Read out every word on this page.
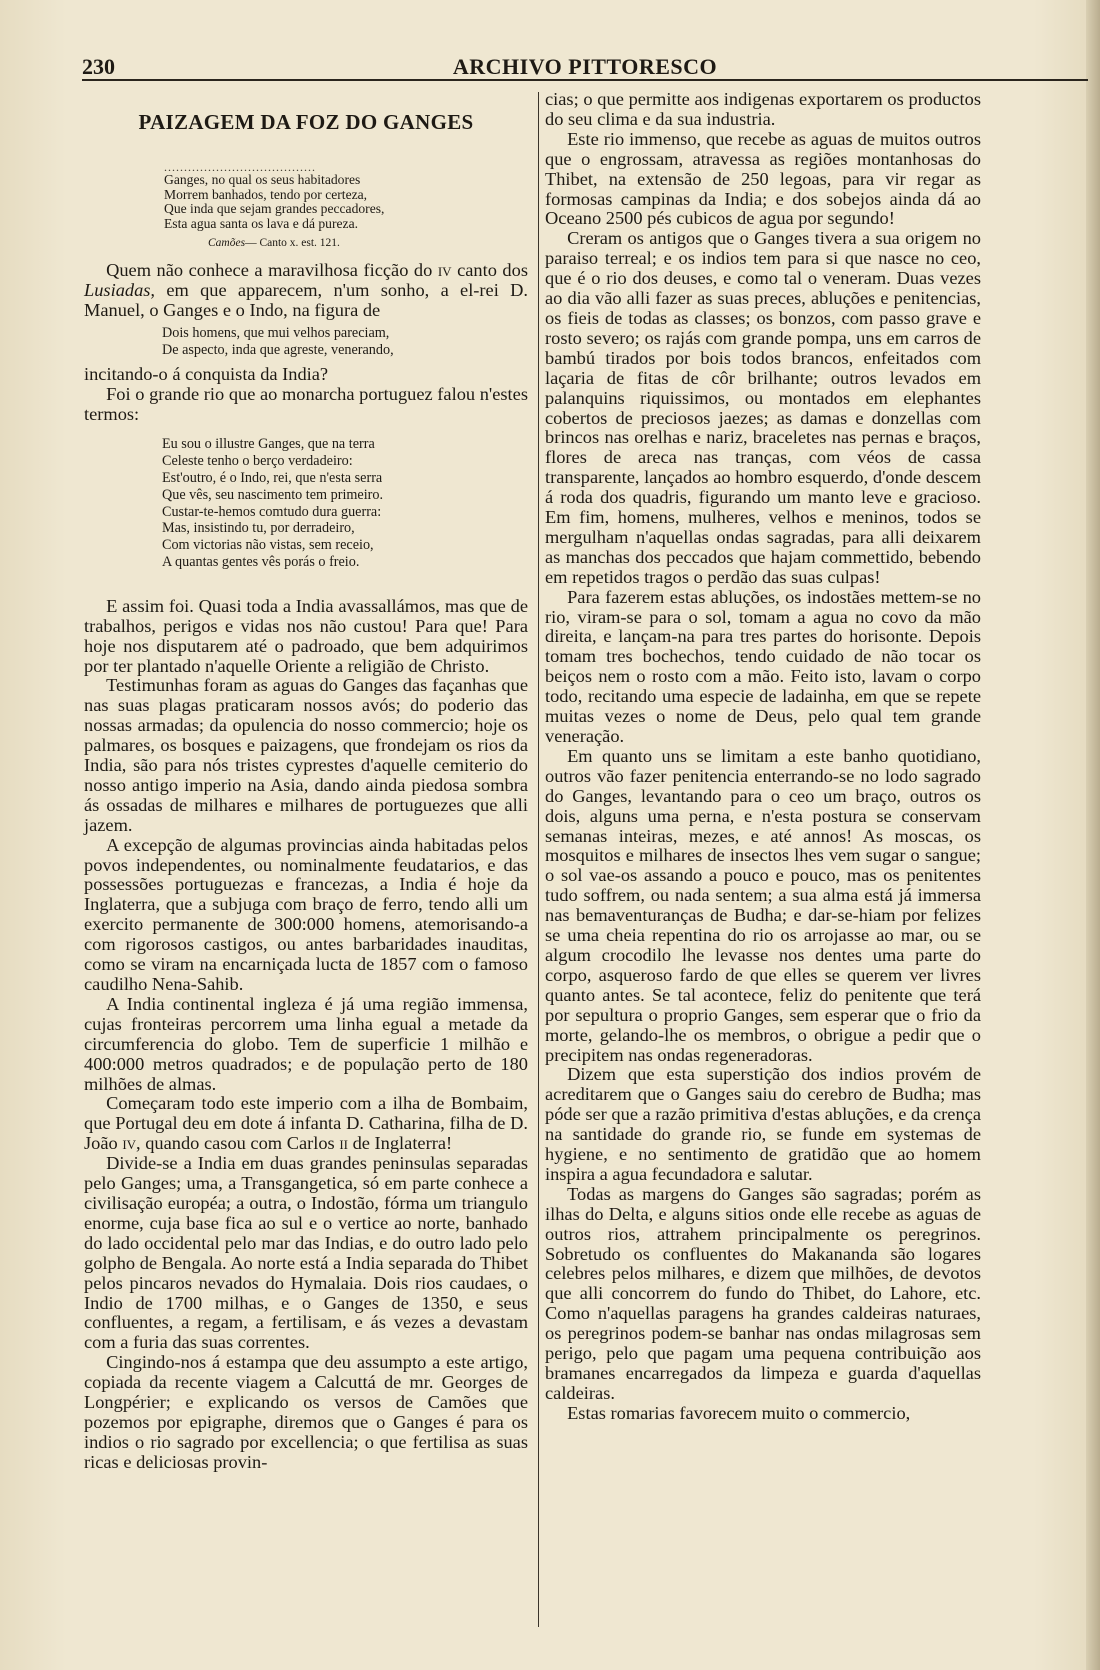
230	ARCHIVO PITTORESCO
PAIZAGEM DA FOZ DO GANGES
......................................
Ganges, no qual os seus habitadores
Morrem banhados, tendo por certeza,
Que inda que sejam grandes peccadores,
Esta agua santa os lava e dá pureza.
Camões— Canto x. est. 121.

Quem não conhece a maravilhosa ficção do iv canto dos Lusiadas, em que apparecem, n'um sonho, a el-rei D. Manuel, o Ganges e o Indo, na figura de

Dois homens, que mui velhos pareciam,
De aspecto, inda que agreste, venerando,

incitando-o á conquista da India?

Foi o grande rio que ao monarcha portuguez falou n'estes termos:

Eu sou o illustre Ganges, que na terra
Celeste tenho o berço verdadeiro:
Est'outro, é o Indo, rei, que n'esta serra
Que vês, seu nascimento tem primeiro.
Custar-te-hemos comtudo dura guerra:
Mas, insistindo tu, por derradeiro,
Com victorias não vistas, sem receio,
A quantas gentes vês porás o freio.

E assim foi. Quasi toda a India avassallámos, mas que de trabalhos, perigos e vidas nos não custou! Para que! Para hoje nos disputarem até o padroado, que bem adquirimos por ter plantado n'aquelle Oriente a religião de Christo.

Testimunhas foram as aguas do Ganges das façanhas que nas suas plagas praticaram nossos avós; do poderio das nossas armadas; da opulencia do nosso commercio; hoje os palmares, os bosques e paizagens, que frondejam os rios da India, são para nós tristes cyprestes d'aquelle cemiterio do nosso antigo imperio na Asia, dando ainda piedosa sombra ás ossadas de milhares e milhares de portuguezes que alli jazem.

A excepção de algumas provincias ainda habitadas pelos povos independentes, ou nominalmente feudatarios, e das possessões portuguezas e francezas, a India é hoje da Inglaterra, que a subjuga com braço de ferro, tendo alli um exercito permanente de 300:000 homens, atemorisando-a com rigorosos castigos, ou antes barbaridades inauditas, como se viram na encarniçada lucta de 1857 com o famoso caudilho Nena-Sahib.

A India continental ingleza é já uma região immensa, cujas fronteiras percorrem uma linha egual a metade da circumferencia do globo. Tem de superficie 1 milhão e 400:000 metros quadrados; e de população perto de 180 milhões de almas.

Começaram todo este imperio com a ilha de Bombaim, que Portugal deu em dote á infanta D. Catharina, filha de D. João iv, quando casou com Carlos ii de Inglaterra!

Divide-se a India em duas grandes peninsulas separadas pelo Ganges; uma, a Transgangetica, só em parte conhece a civilisação européa; a outra, o Indostão, fórma um triangulo enorme, cuja base fica ao sul e o vertice ao norte, banhado do lado occidental pelo mar das Indias, e do outro lado pelo golpho de Bengala. Ao norte está a India separada do Thibet pelos pincaros nevados do Hymalaia. Dois rios caudaes, o Indio de 1700 milhas, e o Ganges de 1350, e seus confluentes, a regam, a fertilisam, e ás vezes a devastam com a furia das suas correntes.

Cingindo-nos á estampa que deu assumpto a este artigo, copiada da recente viagem a Calcuttá de mr. Georges de Longpérier; e explicando os versos de Camões que pozemos por epigraphe, diremos que o Ganges é para os indios o rio sagrado por excellencia; o que fertilisa as suas ricas e deliciosas provin-

cias; o que permitte aos indigenas exportarem os productos do seu clima e da sua industria.

Este rio immenso, que recebe as aguas de muitos outros que o engrossam, atravessa as regiões montanhosas do Thibet, na extensão de 250 legoas, para vir regar as formosas campinas da India; e dos sobejos ainda dá ao Oceano 2500 pés cubicos de agua por segundo!

Creram os antigos que o Ganges tivera a sua origem no paraiso terreal; e os indios tem para si que nasce no ceo, que é o rio dos deuses, e como tal o veneram. Duas vezes ao dia vão alli fazer as suas preces, abluções e penitencias, os fieis de todas as classes; os bonzos, com passo grave e rosto severo; os rajás com grande pompa, uns em carros de bambú tirados por bois todos brancos, enfeitados com laçaria de fitas de côr brilhante; outros levados em palanquins riquissimos, ou montados em elephantes cobertos de preciosos jaezes; as damas e donzellas com brincos nas orelhas e nariz, braceletes nas pernas e braços, flores de areca nas tranças, com véos de cassa transparente, lançados ao hombro esquerdo, d'onde descem á roda dos quadris, figurando um manto leve e gracioso. Em fim, homens, mulheres, velhos e meninos, todos se mergulham n'aquellas ondas sagradas, para alli deixarem as manchas dos peccados que hajam commettido, bebendo em repetidos tragos o perdão das suas culpas!

Para fazerem estas abluções, os indostães mettem-se no rio, viram-se para o sol, tomam a agua no covo da mão direita, e lançam-na para tres partes do horisonte. Depois tomam tres bochechos, tendo cuidado de não tocar os beiços nem o rosto com a mão. Feito isto, lavam o corpo todo, recitando uma especie de ladainha, em que se repete muitas vezes o nome de Deus, pelo qual tem grande veneração.

Em quanto uns se limitam a este banho quotidiano, outros vão fazer penitencia enterrando-se no lodo sagrado do Ganges, levantando para o ceo um braço, outros os dois, alguns uma perna, e n'esta postura se conservam semanas inteiras, mezes, e até annos! As moscas, os mosquitos e milhares de insectos lhes vem sugar o sangue; o sol vae-os assando a pouco e pouco, mas os penitentes tudo soffrem, ou nada sentem; a sua alma está já immersa nas bemaventuranças de Budha; e dar-se-hiam por felizes se uma cheia repentina do rio os arrojasse ao mar, ou se algum crocodilo lhe levasse nos dentes uma parte do corpo, asqueroso fardo de que elles se querem ver livres quanto antes. Se tal acontece, feliz do penitente que terá por sepultura o proprio Ganges, sem esperar que o frio da morte, gelando-lhe os membros, o obrigue a pedir que o precipitem nas ondas regeneradoras.

Dizem que esta superstição dos indios provém de acreditarem que o Ganges saiu do cerebro de Budha; mas póde ser que a razão primitiva d'estas abluções, e da crença na santidade do grande rio, se funde em systemas de hygiene, e no sentimento de gratidão que ao homem inspira a agua fecundadora e salutar.

Todas as margens do Ganges são sagradas; porém as ilhas do Delta, e alguns sitios onde elle recebe as aguas de outros rios, attrahem principalmente os peregrinos. Sobretudo os confluentes do Makananda são logares celebres pelos milhares, e dizem que milhões, de devotos que alli concorrem do fundo do Thibet, do Lahore, etc. Como n'aquellas paragens ha grandes caldeiras naturaes, os peregrinos podem-se banhar nas ondas milagrosas sem perigo, pelo que pagam uma pequena contribuição aos bramanes encarregados da limpeza e guarda d'aquellas caldeiras.

Estas romarias favorecem muito o commercio,
